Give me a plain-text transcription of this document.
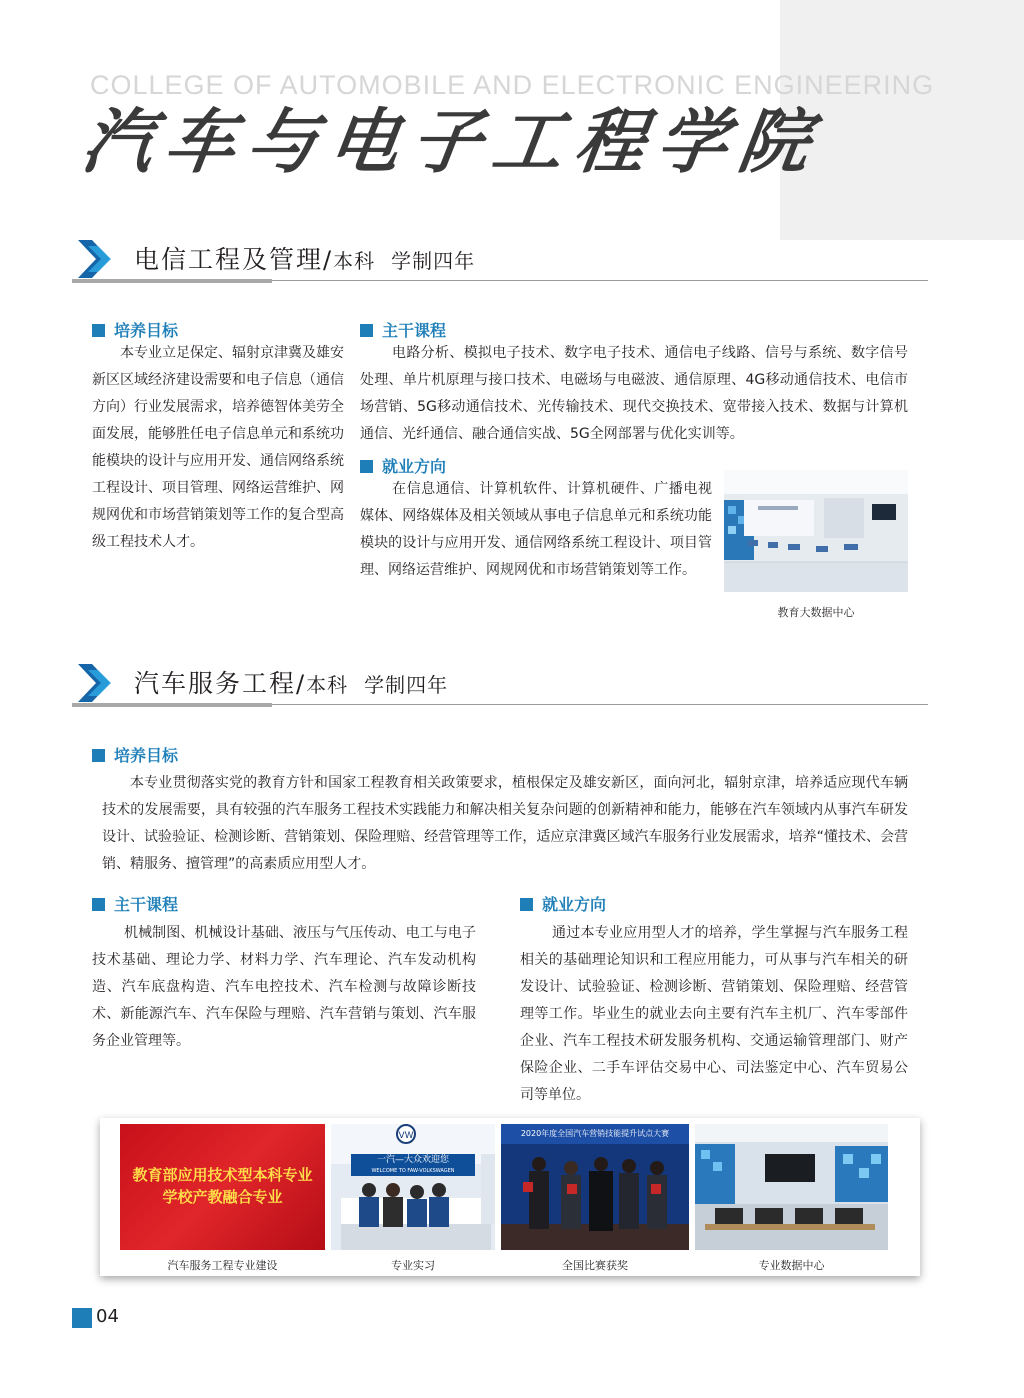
COLLEGE OF AUTOMOBILE AND ELECTRONIC ENGINEERING
汽车与电子工程学院
电信工程及管理/本科 学制四年
培养目标
本专业立足保定、辐射京津冀及雄安新区区域经济建设需要和电子信息（通信方向）行业发展需求，培养德智体美劳全面发展，能够胜任电子信息单元和系统功能模块的设计与应用开发、通信网络系统工程设计、项目管理、网络运营维护、网规网优和市场营销策划等工作的复合型高级工程技术人才。
主干课程
电路分析、模拟电子技术、数字电子技术、通信电子线路、信号与系统、数字信号处理、单片机原理与接口技术、电磁场与电磁波、通信原理、4G移动通信技术、电信市场营销、5G移动通信技术、光传输技术、现代交换技术、宽带接入技术、数据与计算机通信、光纤通信、融合通信实战、5G全网部署与优化实训等。
就业方向
在信息通信、计算机软件、计算机硬件、广播电视媒体、网络媒体及相关领域从事电子信息单元和系统功能模块的设计与应用开发、通信网络系统工程设计、项目管理、网络运营维护、网规网优和市场营销策划等工作。
教育大数据中心
汽车服务工程/本科 学制四年
培养目标
本专业贯彻落实党的教育方针和国家工程教育相关政策要求，植根保定及雄安新区，面向河北，辐射京津，培养适应现代车辆技术的发展需要，具有较强的汽车服务工程技术实践能力和解决相关复杂问题的创新精神和能力，能够在汽车领域内从事汽车研发设计、试验验证、检测诊断、营销策划、保险理赔、经营管理等工作，适应京津冀区域汽车服务行业发展需求，培养“懂技术、会营销、精服务、擅管理”的高素质应用型人才。
主干课程
机械制图、机械设计基础、液压与气压传动、电工与电子技术基础、理论力学、材料力学、汽车理论、汽车发动机构造、汽车底盘构造、汽车电控技术、汽车检测与故障诊断技术、新能源汽车、汽车保险与理赔、汽车营销与策划、汽车服务企业管理等。
就业方向
通过本专业应用型人才的培养，学生掌握与汽车服务工程相关的基础理论知识和工程应用能力，可从事与汽车相关的研发设计、试验验证、检测诊断、营销策划、保险理赔、经营管理等工作。毕业生的就业去向主要有汽车主机厂、汽车零部件企业、汽车工程技术研发服务机构、交通运输管理部门、财产保险企业、二手车评估交易中心、司法鉴定中心、汽车贸易公司等单位。
教育部应用技术型本科专业
学校产教融合专业
汽车服务工程专业建设
VW
一汽—大众欢迎您
WELCOME TO FAW-VOLKSWAGEN
专业实习
2020年度全国汽车营销技能提升试点大赛
全国比赛获奖	专业数据中心
04
